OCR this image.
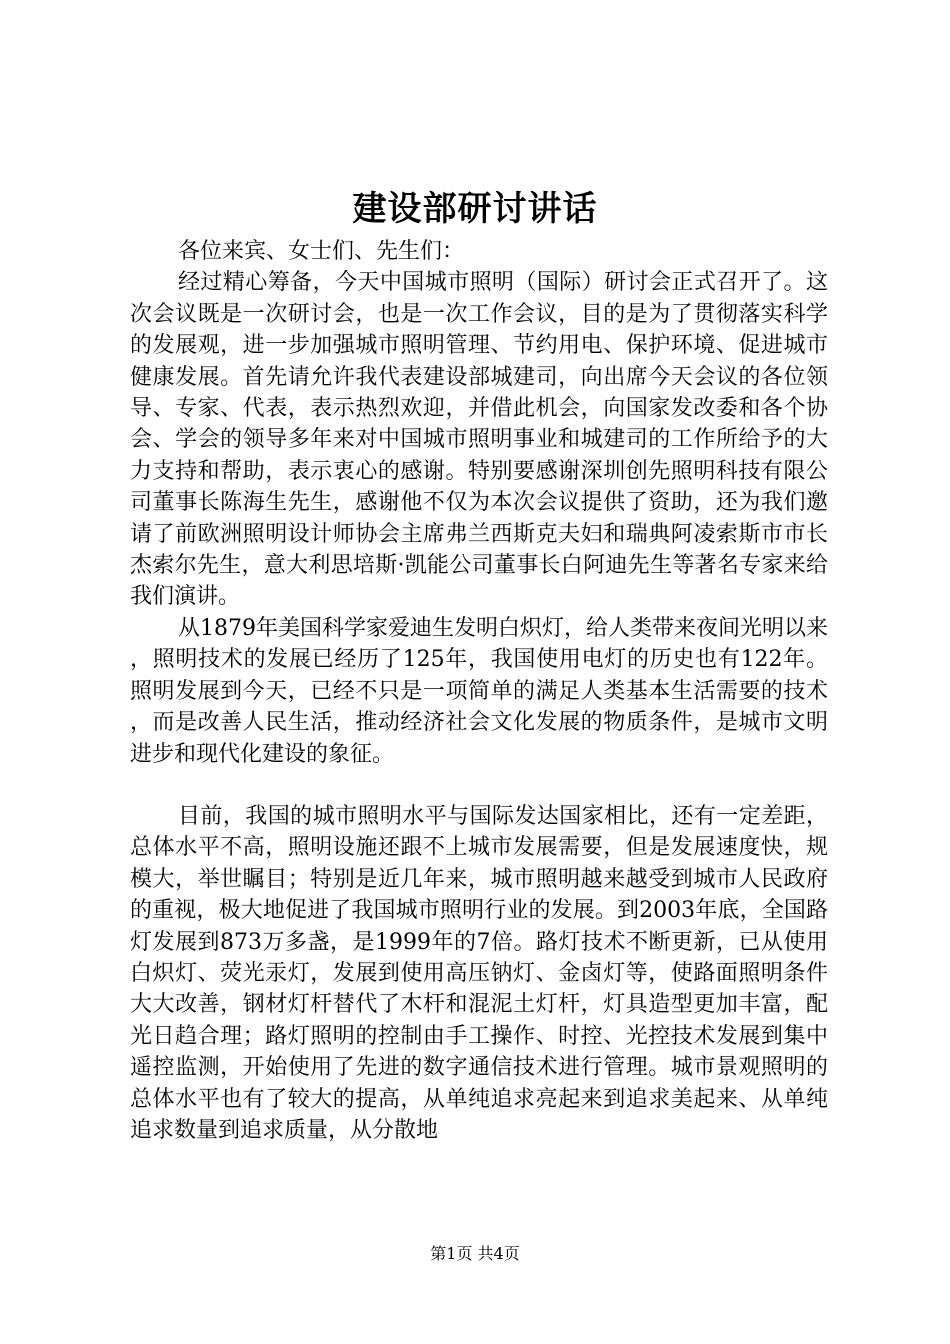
建设部研讨讲话

各位来宾、女士们、先生们：

经过精心筹备，今天中国城市照明（国际）研讨会正式召开了。这次会议既是一次研讨会，也是一次工作会议，目的是为了贯彻落实科学的发展观，进一步加强城市照明管理、节约用电、保护环境、促进城市健康发展。首先请允许我代表建设部城建司，向出席今天会议的各位领导、专家、代表，表示热烈欢迎，并借此机会，向国家发改委和各个协会、学会的领导多年来对中国城市照明事业和城建司的工作所给予的大力支持和帮助，表示衷心的感谢。特别要感谢深圳创先照明科技有限公司董事长陈海生先生，感谢他不仅为本次会议提供了资助，还为我们邀请了前欧洲照明设计师协会主席弗兰西斯克夫妇和瑞典阿凌索斯市市长杰索尔先生，意大利思培斯·凯能公司董事长白阿迪先生等著名专家来给我们演讲。

从1879年美国科学家爱迪生发明白炽灯，给人类带来夜间光明以来，照明技术的发展已经历了125年，我国使用电灯的历史也有122年。照明发展到今天，已经不只是一项简单的满足人类基本生活需要的技术，而是改善人民生活，推动经济社会文化发展的物质条件，是城市文明进步和现代化建设的象征。

目前，我国的城市照明水平与国际发达国家相比，还有一定差距，总体水平不高，照明设施还跟不上城市发展需要，但是发展速度快，规模大，举世瞩目；特别是近几年来，城市照明越来越受到城市人民政府的重视，极大地促进了我国城市照明行业的发展。到2003年底，全国路灯发展到873万多盏，是1999年的7倍。路灯技术不断更新，已从使用白炽灯、荧光汞灯，发展到使用高压钠灯、金卤灯等，使路面照明条件大大改善，钢材灯杆替代了木杆和混泥土灯杆，灯具造型更加丰富，配光日趋合理；路灯照明的控制由手工操作、时控、光控技术发展到集中遥控监测，开始使用了先进的数字通信技术进行管理。城市景观照明的总体水平也有了较大的提高，从单纯追求亮起来到追求美起来、从单纯追求数量到追求质量，从分散地

第1页 共4页
